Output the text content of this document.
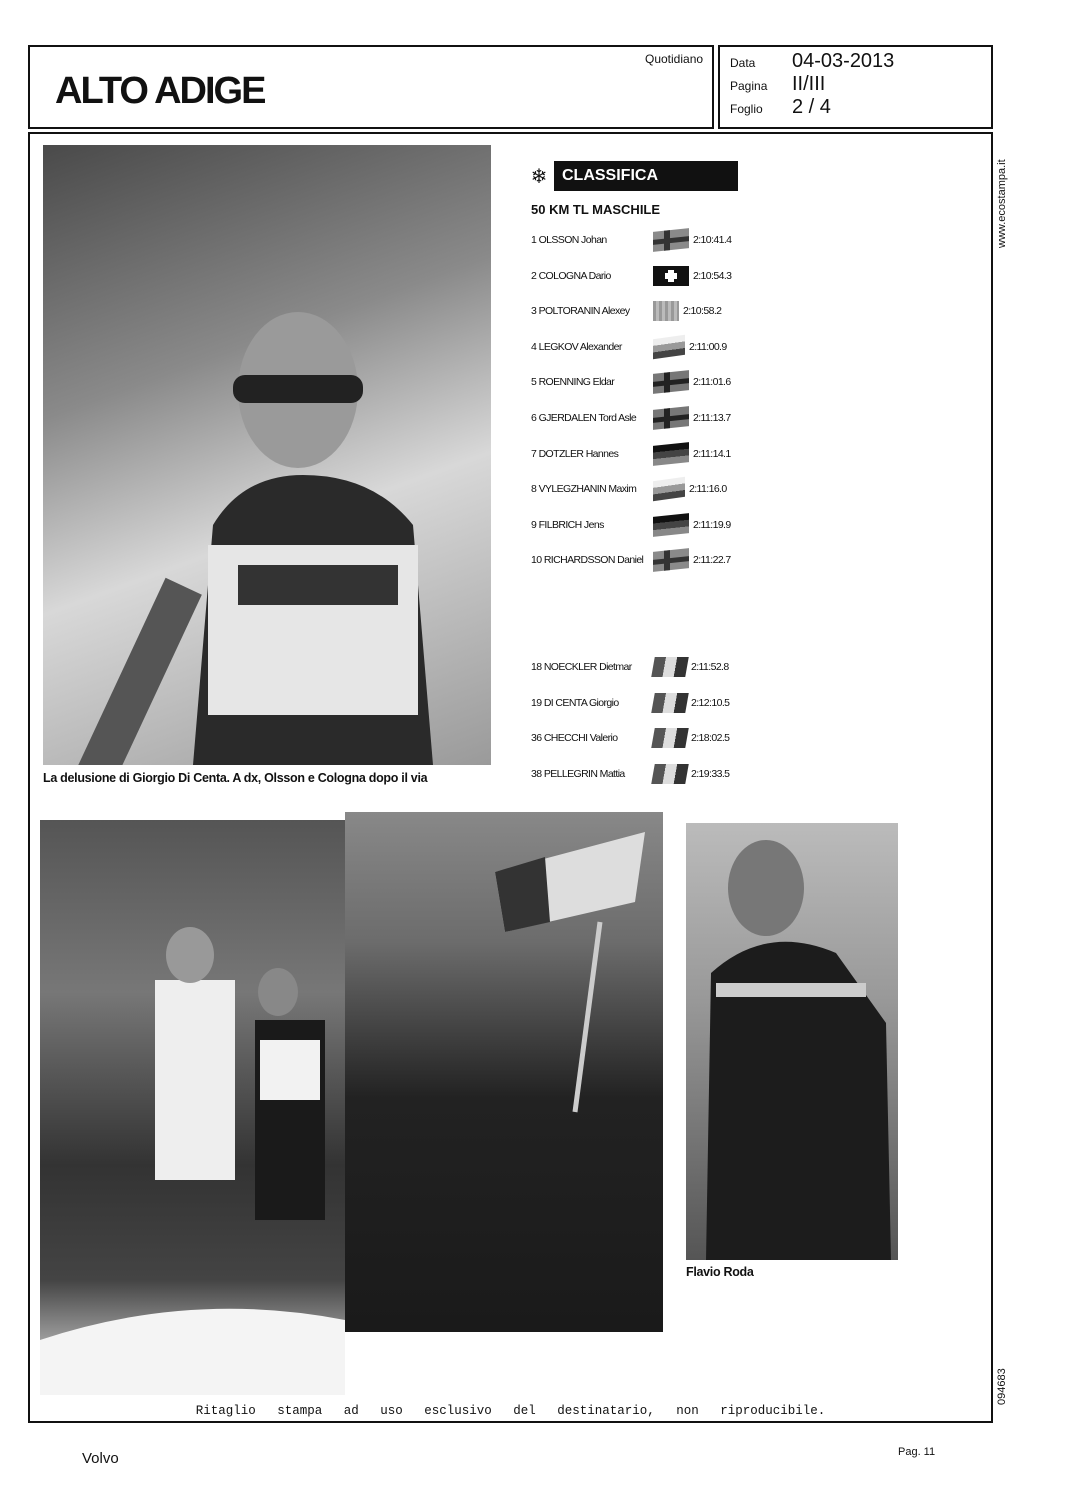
ALTO ADIGE
Quotidiano Data	04-03-2013
Pagina	II/III
Foglio	2 / 4
www.ecostampa.it
094683
La delusione di Giorgio Di Centa. A dx, Olsson e Cologna dopo il via
Flavio Roda
❄ CLASSIFICA
50 KM TL MASCHILE
1 OLSSON Johan	2:10:41.4
2 COLOGNA Dario	2:10:54.3
3 POLTORANIN Alexey	2:10:58.2
4 LEGKOV Alexander	2:11:00.9
5 ROENNING Eldar	2:11:01.6
6 GJERDALEN Tord Asle	2:11:13.7
7 DOTZLER Hannes	2:11:14.1
8 VYLEGZHANIN Maxim	2:11:16.0
9 FILBRICH Jens	2:11:19.9
10 RICHARDSSON Daniel	2:11:22.7
18 NOECKLER Dietmar	2:11:52.8
19 DI CENTA Giorgio	2:12:10.5
36 CHECCHI Valerio	2:18:02.5
38 PELLEGRIN Mattia	2:19:33.5
Ritaglio stampa ad uso esclusivo del destinatario, non riproducibile.
Volvo	Pag. 11
